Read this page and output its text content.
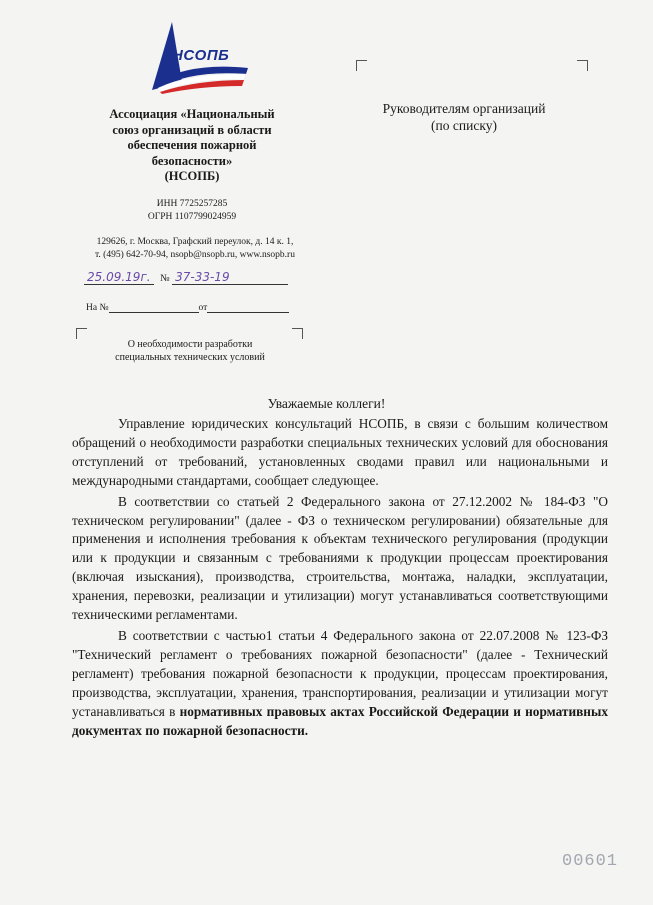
НСОПБ
Ассоциация «Национальный
союз организаций в области
обеспечения пожарной
безопасности»
(НСОПБ)
ИНН 7725257285
ОГРН 1107799024959
129626, г. Москва, Графский переулок, д. 14 к. 1,
т. (495) 642-70-94, nsopb@nsopb.ru, www.nsopb.ru
25.09.19г. № 37-33-19
На №	от
О необходимости разработки
специальных технических условий
Руководителям организаций
(по списку)
Уважаемые коллеги!

Управление юридических консультаций НСОПБ, в связи с большим количеством обращений о необходимости разработки специальных технических условий для обоснования отступлений от требований, установленных сводами правил или национальными и международными стандартами, сообщает следующее.

В соответствии со статьей 2 Федерального закона от 27.12.2002 № 184-ФЗ "О техническом регулировании" (далее - ФЗ о техническом регулировании) обязательные для применения и исполнения требования к объектам технического регулирования (продукции или к продукции и связанным с требованиями к продукции процессам проектирования (включая изыскания), производства, строительства, монтажа, наладки, эксплуатации, хранения, перевозки, реализации и утилизации) могут устанавливаться соответствующими техническими регламентами.

В соответствии с частью1 статьи 4 Федерального закона от 22.07.2008 № 123-ФЗ "Технический регламент о требованиях пожарной безопасности" (далее - Технический регламент) требования пожарной безопасности к продукции, процессам проектирования, производства, эксплуатации, хранения, транспортирования, реализации и утилизации могут устанавливаться в нормативных правовых актах Российской Федерации и нормативных документах по пожарной безопасности.

00601
